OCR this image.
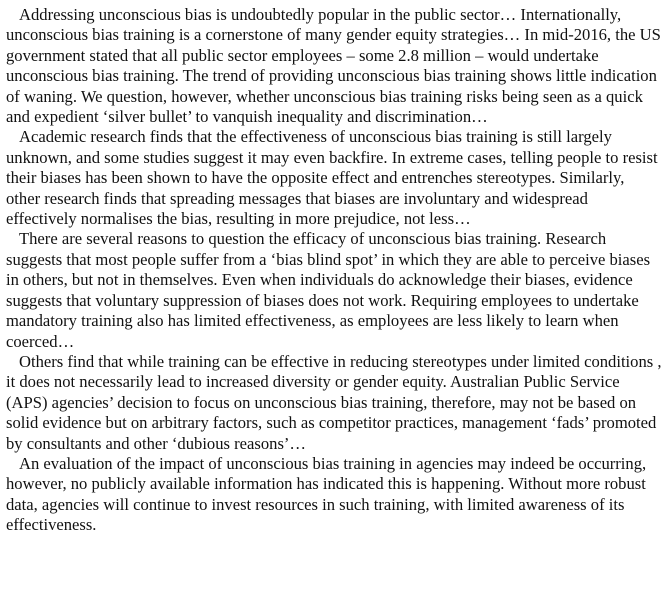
Addressing unconscious bias is undoubtedly popular in the public sector… Internationally, unconscious bias training is a cornerstone of many gender equity strategies… In mid-2016, the US government stated that all public sector employees – some 2.8 million – would undertake unconscious bias training. The trend of providing unconscious bias training shows little indication of waning. We question, however, whether unconscious bias training risks being seen as a quick and expedient ‘silver bullet’ to vanquish inequality and discrimination…

Academic research finds that the effectiveness of unconscious bias training is still largely unknown, and some studies suggest it may even backfire. In extreme cases, telling people to resist their biases has been shown to have the opposite effect and entrenches stereotypes. Similarly, other research finds that spreading messages that biases are involuntary and widespread effectively normalises the bias, resulting in more prejudice, not less…

There are several reasons to question the efficacy of unconscious bias training. Research suggests that most people suffer from a ‘bias blind spot’ in which they are able to perceive biases in others, but not in themselves. Even when individuals do acknowledge their biases, evidence suggests that voluntary suppression of biases does not work. Requiring employees to undertake mandatory training also has limited effectiveness, as employees are less likely to learn when coerced…

Others find that while training can be effective in reducing stereotypes under limited conditions , it does not necessarily lead to increased diversity or gender equity. Australian Public Service (APS) agencies’ decision to focus on unconscious bias training, therefore, may not be based on solid evidence but on arbitrary factors, such as competitor practices, management ‘fads’ promoted by consultants and other ‘dubious reasons’…

An evaluation of the impact of unconscious bias training in agencies may indeed be occurring, however, no publicly available information has indicated this is happening. Without more robust data, agencies will continue to invest resources in such training, with limited awareness of its effectiveness.
